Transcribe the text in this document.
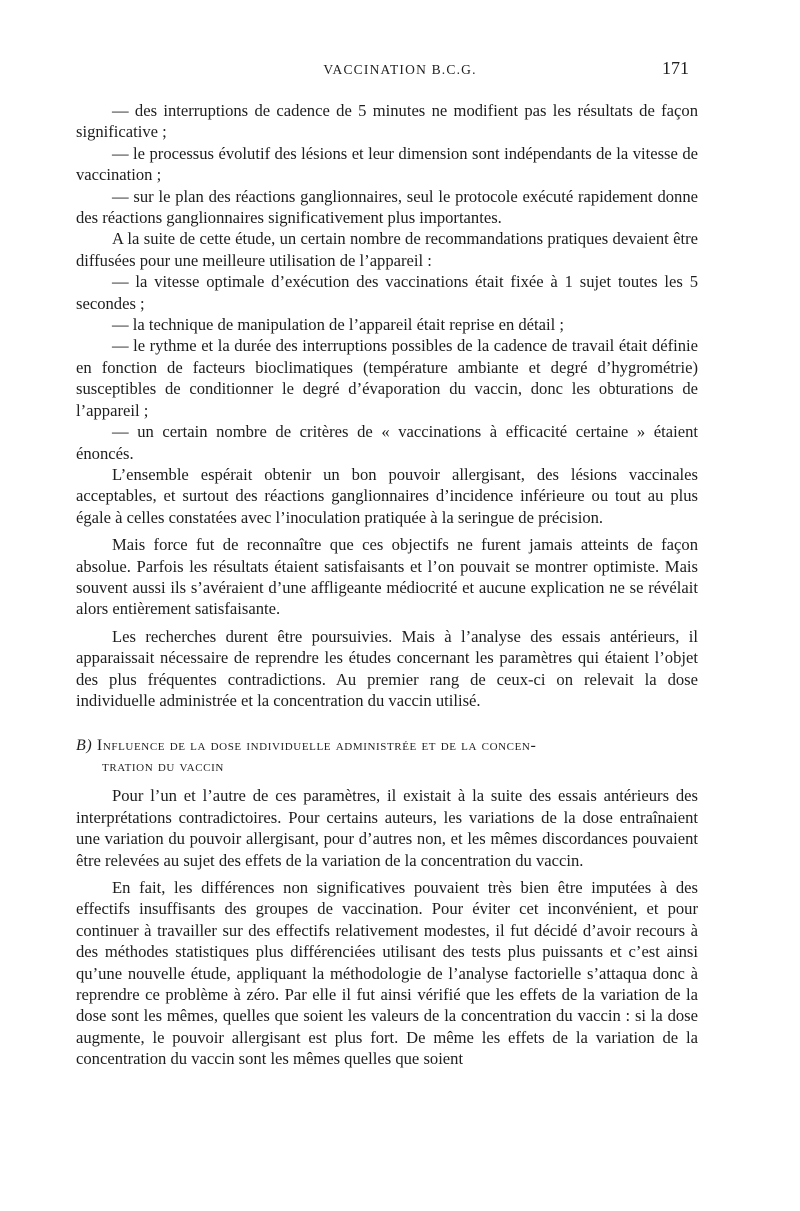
VACCINATION B.C.G.	171

— des interruptions de cadence de 5 minutes ne modifient pas les résultats de façon significative ;

— le processus évolutif des lésions et leur dimension sont indépendants de la vitesse de vaccination ;

— sur le plan des réactions ganglionnaires, seul le protocole exécuté rapidement donne des réactions ganglionnaires significativement plus importantes.

A la suite de cette étude, un certain nombre de recommandations pratiques devaient être diffusées pour une meilleure utilisation de l’appareil :

— la vitesse optimale d’exécution des vaccinations était fixée à 1 sujet toutes les 5 secondes ;

— la technique de manipulation de l’appareil était reprise en détail ;

— le rythme et la durée des interruptions possibles de la cadence de travail était définie en fonction de facteurs bioclimatiques (température ambiante et degré d’hygrométrie) susceptibles de conditionner le degré d’évaporation du vaccin, donc les obturations de l’appareil ;

— un certain nombre de critères de « vaccinations à efficacité certaine » étaient énoncés.

L’ensemble espérait obtenir un bon pouvoir allergisant, des lésions vaccinales acceptables, et surtout des réactions ganglionnaires d’incidence inférieure ou tout au plus égale à celles constatées avec l’inoculation pratiquée à la seringue de précision.

Mais force fut de reconnaître que ces objectifs ne furent jamais atteints de façon absolue. Parfois les résultats étaient satisfaisants et l’on pouvait se montrer optimiste. Mais souvent aussi ils s’avéraient d’une affligeante médiocrité et aucune explication ne se révélait alors entièrement satisfaisante.

Les recherches durent être poursuivies. Mais à l’analyse des essais antérieurs, il apparaissait nécessaire de reprendre les études concernant les paramètres qui étaient l’objet des plus fréquentes contradictions. Au premier rang de ceux-ci on relevait la dose individuelle administrée et la concentration du vaccin utilisé.

B) Influence de la dose individuelle administrée et de la concen-
tration du vaccin

Pour l’un et l’autre de ces paramètres, il existait à la suite des essais antérieurs des interprétations contradictoires. Pour certains auteurs, les variations de la dose entraînaient une variation du pouvoir allergisant, pour d’autres non, et les mêmes discordances pouvaient être relevées au sujet des effets de la variation de la concentration du vaccin.

En fait, les différences non significatives pouvaient très bien être imputées à des effectifs insuffisants des groupes de vaccination. Pour éviter cet inconvénient, et pour continuer à travailler sur des effectifs relativement modestes, il fut décidé d’avoir recours à des méthodes statistiques plus différenciées utilisant des tests plus puissants et c’est ainsi qu’une nouvelle étude, appliquant la méthodologie de l’analyse factorielle s’attaqua donc à reprendre ce problème à zéro. Par elle il fut ainsi vérifié que les effets de la variation de la dose sont les mêmes, quelles que soient les valeurs de la concentration du vaccin : si la dose augmente, le pouvoir allergisant est plus fort. De même les effets de la variation de la concentration du vaccin sont les mêmes quelles que soient
